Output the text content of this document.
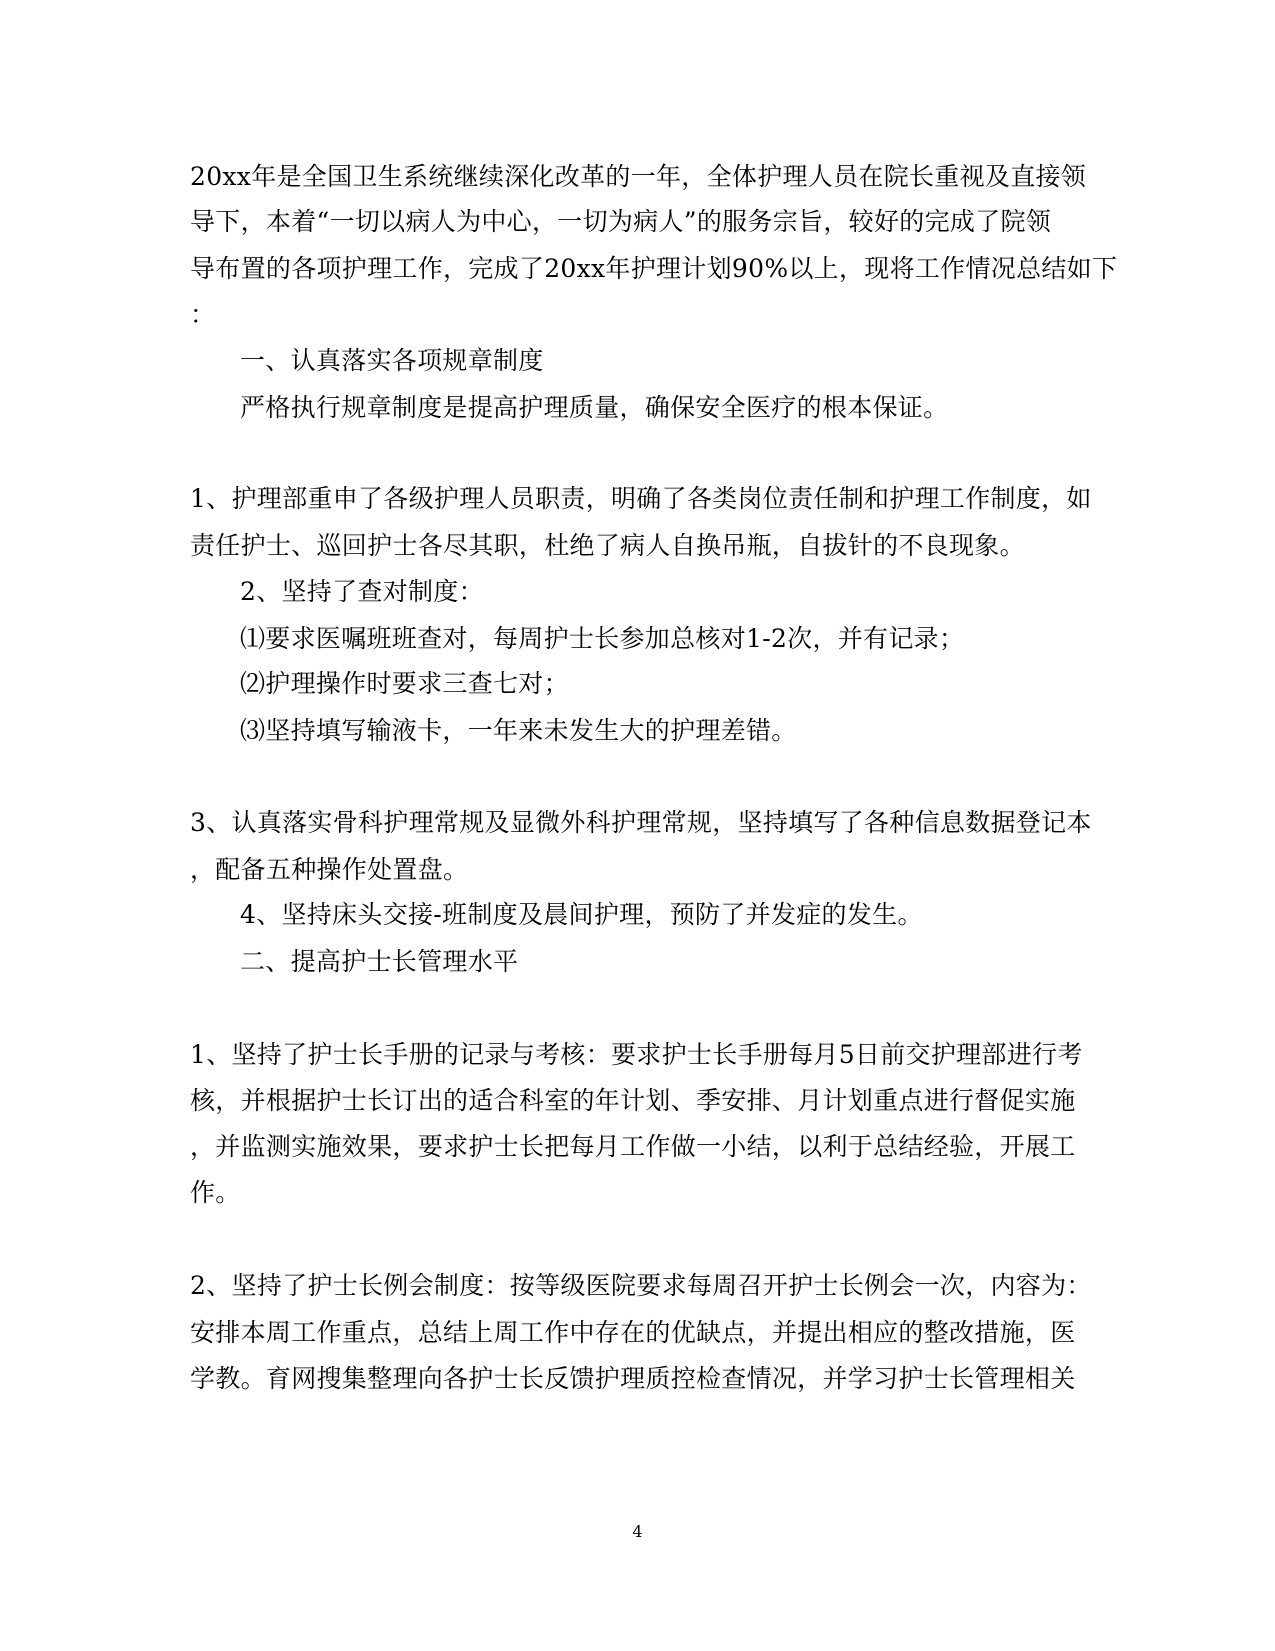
20xx年是全国卫生系统继续深化改革的一年，全体护理人员在院长重视及直接领
导下，本着“一切以病人为中心，一切为病人”的服务宗旨，较好的完成了院领
导布置的各项护理工作，完成了20xx年护理计划90%以上，现将工作情况总结如下
：
一、认真落实各项规章制度
严格执行规章制度是提高护理质量，确保安全医疗的根本保证。
1、护理部重申了各级护理人员职责，明确了各类岗位责任制和护理工作制度，如
责任护士、巡回护士各尽其职，杜绝了病人自换吊瓶，自拔针的不良现象。
2、坚持了查对制度：
⑴要求医嘱班班查对，每周护士长参加总核对1-2次，并有记录；
⑵护理操作时要求三查七对；
⑶坚持填写输液卡，一年来未发生大的护理差错。
3、认真落实骨科护理常规及显微外科护理常规，坚持填写了各种信息数据登记本
，配备五种操作处置盘。
4、坚持床头交接-班制度及晨间护理，预防了并发症的发生。
二、提高护士长管理水平
1、坚持了护士长手册的记录与考核：要求护士长手册每月5日前交护理部进行考
核，并根据护士长订出的适合科室的年计划、季安排、月计划重点进行督促实施
，并监测实施效果，要求护士长把每月工作做一小结，以利于总结经验，开展工
作。
2、坚持了护士长例会制度：按等级医院要求每周召开护士长例会一次，内容为：
安排本周工作重点，总结上周工作中存在的优缺点，并提出相应的整改措施，医
学教。育网搜集整理向各护士长反馈护理质控检查情况，并学习护士长管理相关
4
